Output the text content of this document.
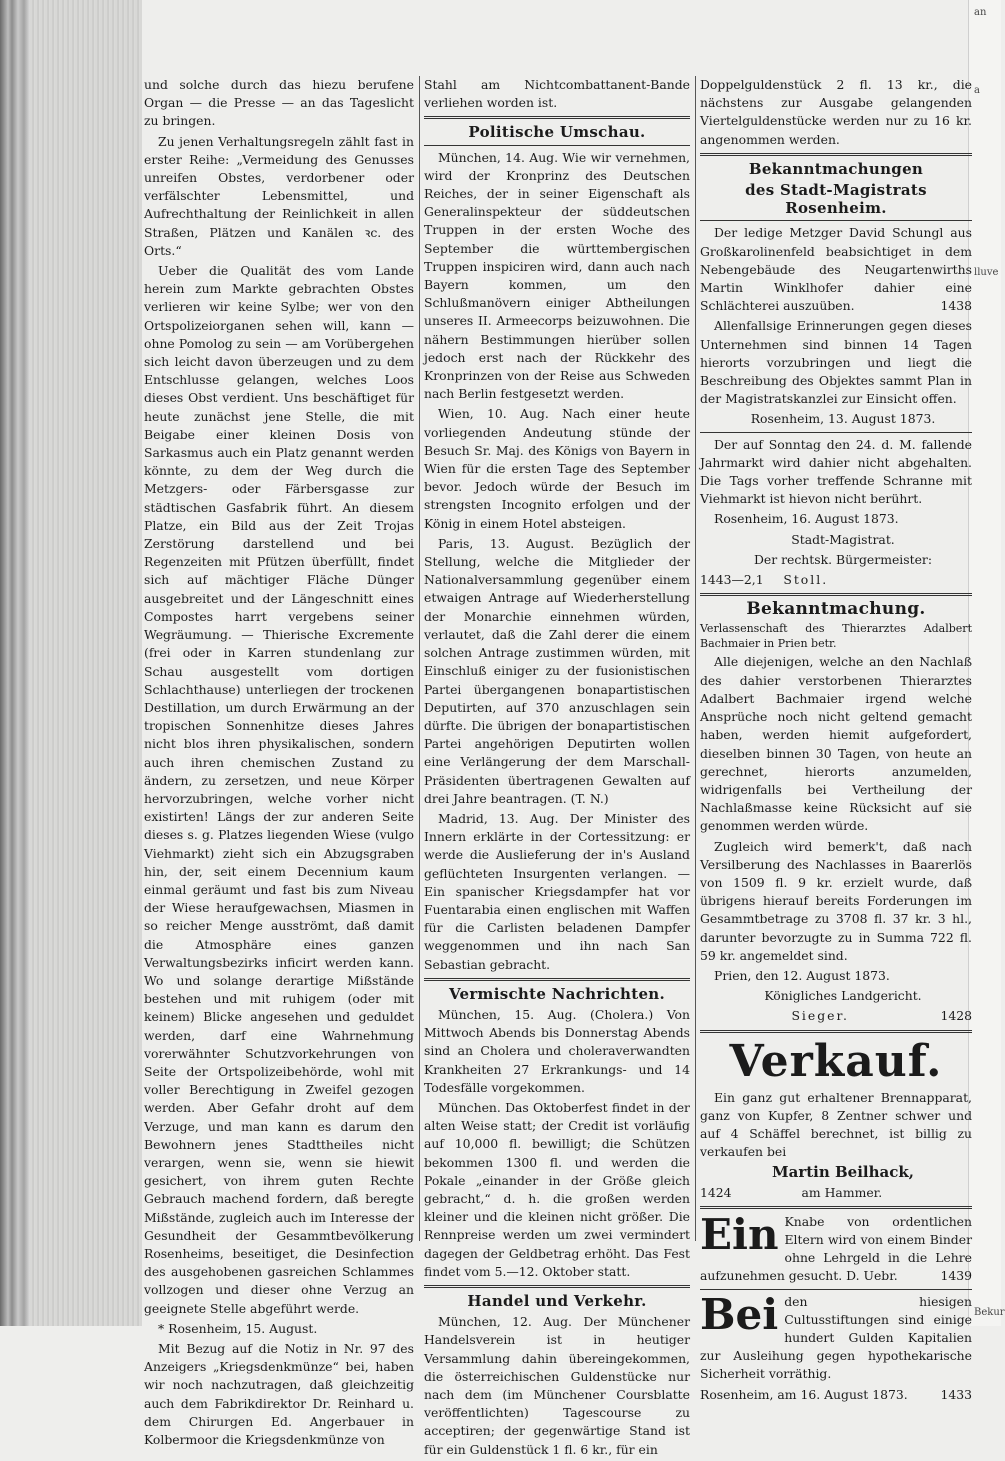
an
a
lluve
Bekur

und solche durch das hiezu berufene Organ — die Presse — an das Tageslicht zu bringen.

Zu jenen Verhaltungsregeln zählt fast in erster Reihe: „Vermeidung des Genusses unreifen Obstes, verdorbener oder verfälschter Lebensmittel, und Aufrechthaltung der Reinlichkeit in allen Straßen, Plätzen und Kanälen ꝛc. des Orts.“

Ueber die Qualität des vom Lande herein zum Markte gebrachten Obstes verlieren wir keine Sylbe; wer von den Ortspolizeiorganen sehen will, kann — ohne Pomolog zu sein — am Vorübergehen sich leicht davon überzeugen und zu dem Entschlusse gelangen, welches Loos dieses Obst verdient. Uns beschäftiget für heute zunächst jene Stelle, die mit Beigabe einer kleinen Dosis von Sarkasmus auch ein Platz genannt werden könnte, zu dem der Weg durch die Metzgers- oder Färbersgasse zur städtischen Gasfabrik führt. An diesem Platze, ein Bild aus der Zeit Trojas Zerstörung darstellend und bei Regenzeiten mit Pfützen überfüllt, findet sich auf mächtiger Fläche Dünger ausgebreitet und der Längeschnitt eines Compostes harrt vergebens seiner Wegräumung. — Thierische Excremente (frei oder in Karren stundenlang zur Schau ausgestellt vom dortigen Schlachthause) unterliegen der trockenen Destillation, um durch Erwärmung an der tropischen Sonnenhitze dieses Jahres nicht blos ihren physikalischen, sondern auch ihren chemischen Zustand zu ändern, zu zersetzen, und neue Körper hervorzubringen, welche vorher nicht existirten! Längs der zur anderen Seite dieses s. g. Platzes liegenden Wiese (vulgo Viehmarkt) zieht sich ein Abzugsgraben hin, der, seit einem Decennium kaum einmal geräumt und fast bis zum Niveau der Wiese heraufgewachsen, Miasmen in so reicher Menge ausströmt, daß damit die Atmosphäre eines ganzen Verwaltungsbezirks inficirt werden kann. Wo und solange derartige Mißstände bestehen und mit ruhigem (oder mit keinem) Blicke angesehen und geduldet werden, darf eine Wahrnehmung vorerwähnter Schutzvorkehrungen von Seite der Ortspolizeibehörde, wohl mit voller Berechtigung in Zweifel gezogen werden. Aber Gefahr droht auf dem Verzuge, und man kann es darum den Bewohnern jenes Stadttheiles nicht verargen, wenn sie, wenn sie hiewit gesichert, von ihrem guten Rechte Gebrauch machend fordern, daß beregte Mißstände, zugleich auch im Interesse der Gesundheit der Gesammtbevölkerung Rosenheims, beseitiget, die Desinfection des ausgehobenen gasreichen Schlammes vollzogen und dieser ohne Verzug an geeignete Stelle abgeführt werde.

* Rosenheim, 15. August.

Mit Bezug auf die Notiz in Nr. 97 des Anzeigers „Kriegsdenkmünze“ bei, haben wir noch nachzutragen, daß gleichzeitig auch dem Fabrikdirektor Dr. Reinhard u. dem Chirurgen Ed. Angerbauer in Kolbermoor die Kriegsdenkmünze von

Stahl am Nichtcombattanent-Bande verliehen worden ist.

Politische Umschau.

München, 14. Aug. Wie wir vernehmen, wird der Kronprinz des Deutschen Reiches, der in seiner Eigenschaft als Generalinspekteur der süddeutschen Truppen in der ersten Woche des September die württembergischen Truppen inspiciren wird, dann auch nach Bayern kommen, um den Schlußmanövern einiger Abtheilungen unseres II. Armeecorps beizuwohnen. Die nähern Bestimmungen hierüber sollen jedoch erst nach der Rückkehr des Kronprinzen von der Reise aus Schweden nach Berlin festgesetzt werden.

Wien, 10. Aug. Nach einer heute vorliegenden Andeutung stünde der Besuch Sr. Maj. des Königs von Bayern in Wien für die ersten Tage des September bevor. Jedoch würde der Besuch im strengsten Incognito erfolgen und der König in einem Hotel absteigen.

Paris, 13. August. Bezüglich der Stellung, welche die Mitglieder der Nationalversammlung gegenüber einem etwaigen Antrage auf Wiederherstellung der Monarchie einnehmen würden, verlautet, daß die Zahl derer die einem solchen Antrage zustimmen würden, mit Einschluß einiger zu der fusionistischen Partei übergangenen bonapartistischen Deputirten, auf 370 anzuschlagen sein dürfte. Die übrigen der bonapartistischen Partei angehörigen Deputirten wollen eine Verlängerung der dem Marschall-Präsidenten übertragenen Gewalten auf drei Jahre beantragen. (T. N.)

Madrid, 13. Aug. Der Minister des Innern erklärte in der Cortessitzung: er werde die Auslieferung der in's Ausland geflüchteten Insurgenten verlangen. — Ein spanischer Kriegsdampfer hat vor Fuentarabia einen englischen mit Waffen für die Carlisten beladenen Dampfer weggenommen und ihn nach San Sebastian gebracht.

Vermischte Nachrichten.

München, 15. Aug. (Cholera.) Von Mittwoch Abends bis Donnerstag Abends sind an Cholera und choleraverwandten Krankheiten 27 Erkrankungs- und 14 Todesfälle vorgekommen.

München. Das Oktoberfest findet in der alten Weise statt; der Credit ist vorläufig auf 10,000 fl. bewilligt; die Schützen bekommen 1300 fl. und werden die Pokale „einander in der Größe gleich gebracht,“ d. h. die großen werden kleiner und die kleinen nicht größer. Die Rennpreise werden um zwei vermindert dagegen der Geldbetrag erhöht. Das Fest findet vom 5.—12. Oktober statt.

Handel und Verkehr.

München, 12. Aug. Der Münchener Handelsverein ist in heutiger Versammlung dahin übereingekommen, die österreichischen Guldenstücke nur nach dem (im Münchener Coursblatte veröffentlichten) Tagescourse zu acceptiren; der gegenwärtige Stand ist für ein Guldenstück 1 fl. 6 kr., für ein

Doppelguldenstück 2 fl. 13 kr., die nächstens zur Ausgabe gelangenden Viertelguldenstücke werden nur zu 16 kr. angenommen werden.

Bekanntmachungen
des Stadt-Magistrats Rosenheim.

Der ledige Metzger David Schungl aus Großkarolinenfeld beabsichtiget in dem Nebengebäude des Neugartenwirths Martin Winklhofer dahier eine Schlächterei auszuüben.	1438

Allenfallsige Erinnerungen gegen dieses Unternehmen sind binnen 14 Tagen hierorts vorzubringen und liegt die Beschreibung des Objektes sammt Plan in der Magistratskanzlei zur Einsicht offen.

Rosenheim, 13. August 1873.

Der auf Sonntag den 24. d. M. fallende Jahrmarkt wird dahier nicht abgehalten. Die Tags vorher treffende Schranne mit Viehmarkt ist hievon nicht berührt.

Rosenheim, 16. August 1873.

Stadt-Magistrat.

Der rechtsk. Bürgermeister:

1443—2,1 Stoll.

Bekanntmachung.

Verlassenschaft des Thierarztes Adalbert Bachmaier in Prien betr.

Alle diejenigen, welche an den Nachlaß des dahier verstorbenen Thierarztes Adalbert Bachmaier irgend welche Ansprüche noch nicht geltend gemacht haben, werden hiemit aufgefordert, dieselben binnen 30 Tagen, von heute an gerechnet, hierorts anzumelden, widrigenfalls bei Vertheilung der Nachlaßmasse keine Rücksicht auf sie genommen werden würde.

Zugleich wird bemerk't, daß nach Versilberung des Nachlasses in Baarerlös von 1509 fl. 9 kr. erzielt wurde, daß übrigens hierauf bereits Forderungen im Gesammtbetrage zu 3708 fl. 37 kr. 3 hl., darunter bevorzugte zu in Summa 722 fl. 59 kr. angemeldet sind.

Prien, den 12. August 1873.

Königliches Landgericht.

Sieger.	1428

Verkauf.

Ein ganz gut erhaltener Brennapparat, ganz von Kupfer, 8 Zentner schwer und auf 4 Schäffel berechnet, ist billig zu verkaufen bei

Martin Beilhack,

1424	am Hammer.

Ein Knabe von ordentlichen Eltern wird von einem Binder ohne Lehrgeld in die Lehre aufzunehmen gesucht. D. Uebr.	1439

Bei den hiesigen Cultusstiftungen sind einige hundert Gulden Kapitalien zur Ausleihung gegen hypothekarische Sicherheit vorräthig.

Rosenheim, am 16. August 1873.	1433
